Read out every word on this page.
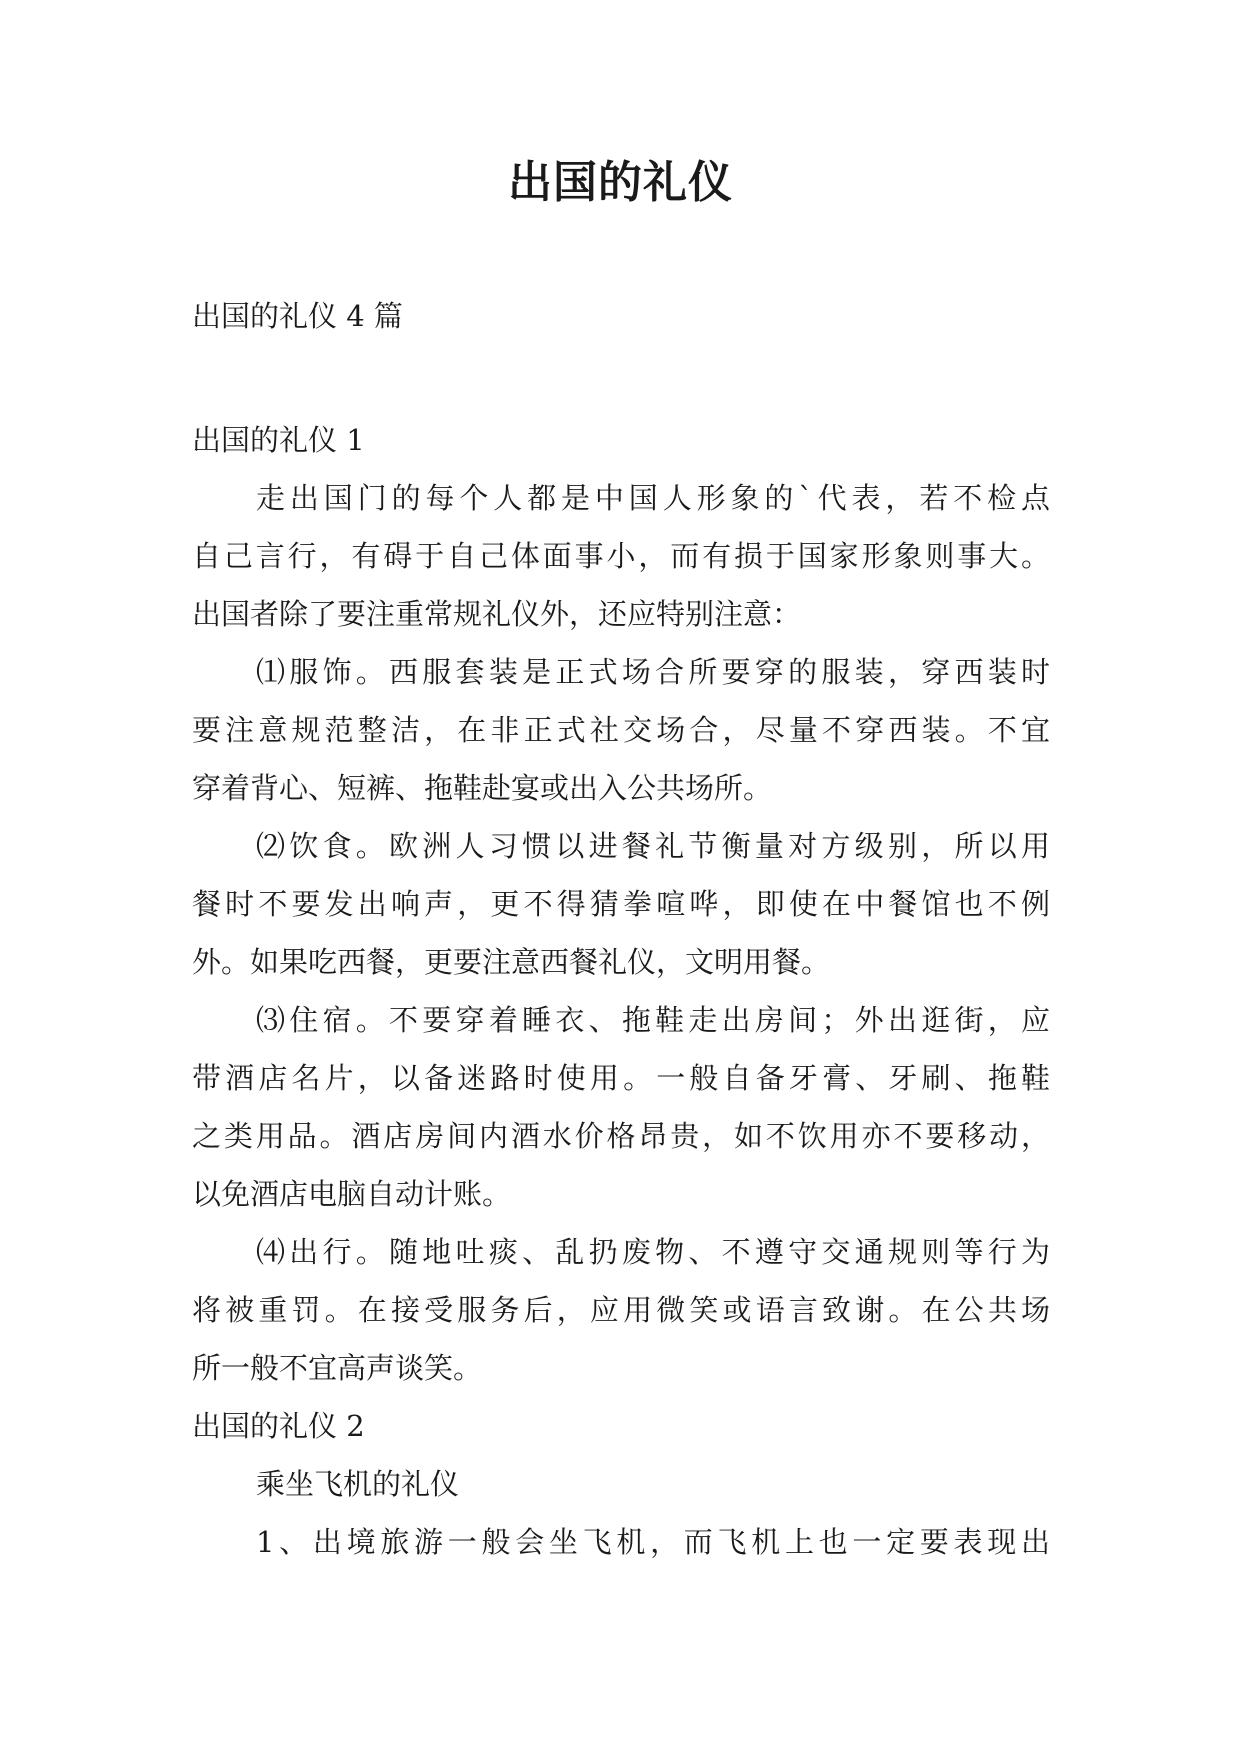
出国的礼仪

出国的礼仪 4 篇

出国的礼仪 1

走出国门的每个人都是中国人形象的`代表，若不检点
自己言行，有碍于自己体面事小，而有损于国家形象则事大。
出国者除了要注重常规礼仪外，还应特别注意：
⑴服饰。西服套装是正式场合所要穿的服装，穿西装时
要注意规范整洁，在非正式社交场合，尽量不穿西装。不宜
穿着背心、短裤、拖鞋赴宴或出入公共场所。
⑵饮食。欧洲人习惯以进餐礼节衡量对方级别，所以用
餐时不要发出响声，更不得猜拳喧哗，即使在中餐馆也不例
外。如果吃西餐，更要注意西餐礼仪，文明用餐。
⑶住宿。不要穿着睡衣、拖鞋走出房间；外出逛街，应
带酒店名片，以备迷路时使用。一般自备牙膏、牙刷、拖鞋
之类用品。酒店房间内酒水价格昂贵，如不饮用亦不要移动，
以免酒店电脑自动计账。
⑷出行。随地吐痰、乱扔废物、不遵守交通规则等行为
将被重罚。在接受服务后，应用微笑或语言致谢。在公共场
所一般不宜高声谈笑。

出国的礼仪 2

乘坐飞机的礼仪
1、出境旅游一般会坐飞机，而飞机上也一定要表现出
